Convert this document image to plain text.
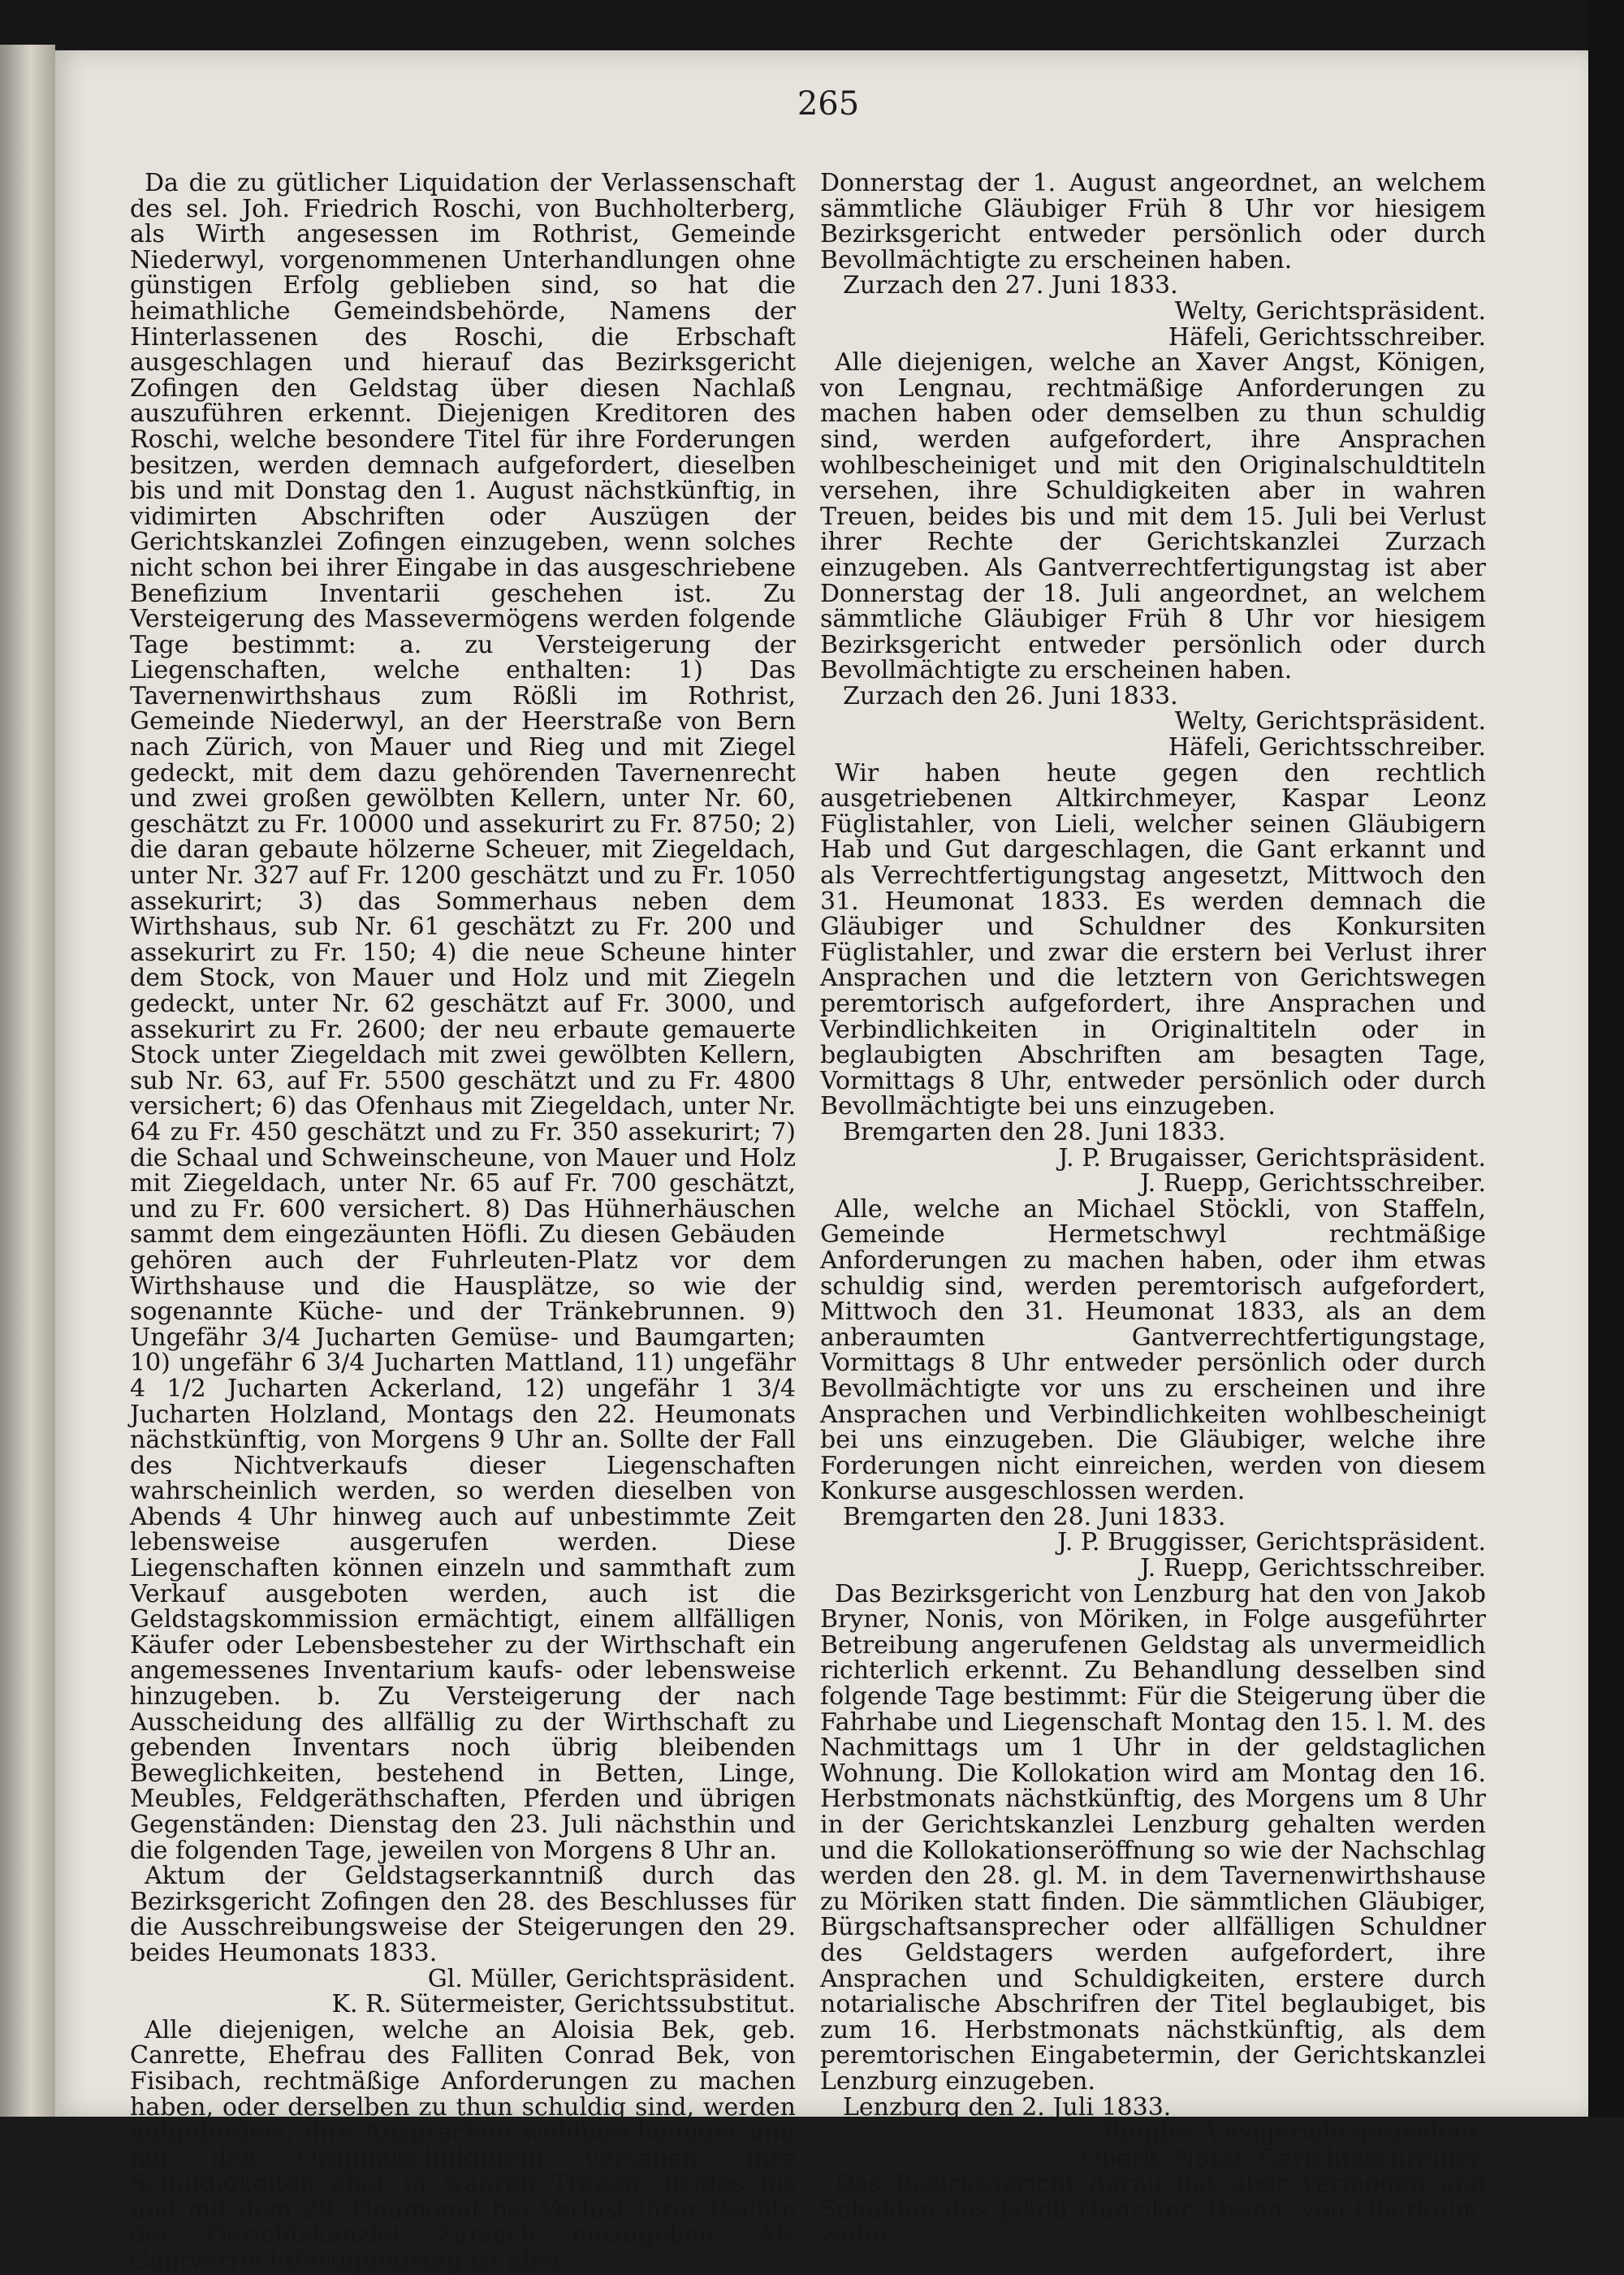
265

Da die zu gütlicher Liquidation der Verlassenschaft des sel. Joh. Friedrich Roschi, von Buchholterberg, als Wirth angesessen im Rothrist, Gemeinde Niederwyl, vorgenommenen Unterhandlungen ohne günstigen Erfolg geblieben sind, so hat die heimathliche Gemeindsbehörde, Namens der Hinterlassenen des Roschi, die Erbschaft ausgeschlagen und hierauf das Bezirksgericht Zofingen den Geldstag über diesen Nachlaß auszuführen erkennt. Diejenigen Kreditoren des Roschi, welche besondere Titel für ihre Forderungen besitzen, werden demnach aufgefordert, dieselben bis und mit Donstag den 1. August nächstkünftig, in vidimirten Abschriften oder Auszügen der Gerichtskanzlei Zofingen einzugeben, wenn solches nicht schon bei ihrer Eingabe in das ausgeschriebene Benefizium Inventarii geschehen ist. Zu Versteigerung des Massevermögens werden folgende Tage bestimmt: a. zu Versteigerung der Liegenschaften, welche enthalten: 1) Das Tavernenwirthshaus zum Rößli im Rothrist, Gemeinde Niederwyl, an der Heerstraße von Bern nach Zürich, von Mauer und Rieg und mit Ziegel gedeckt, mit dem dazu gehörenden Tavernenrecht und zwei großen gewölbten Kellern, unter Nr. 60, geschätzt zu Fr. 10000 und assekurirt zu Fr. 8750; 2) die daran gebaute hölzerne Scheuer, mit Ziegeldach, unter Nr. 327 auf Fr. 1200 geschätzt und zu Fr. 1050 assekurirt; 3) das Sommerhaus neben dem Wirthshaus, sub Nr. 61 geschätzt zu Fr. 200 und assekurirt zu Fr. 150; 4) die neue Scheune hinter dem Stock, von Mauer und Holz und mit Ziegeln gedeckt, unter Nr. 62 geschätzt auf Fr. 3000, und assekurirt zu Fr. 2600; der neu erbaute gemauerte Stock unter Ziegeldach mit zwei gewölbten Kellern, sub Nr. 63, auf Fr. 5500 geschätzt und zu Fr. 4800 versichert; 6) das Ofenhaus mit Ziegeldach, unter Nr. 64 zu Fr. 450 geschätzt und zu Fr. 350 assekurirt; 7) die Schaal und Schweinscheune, von Mauer und Holz mit Ziegeldach, unter Nr. 65 auf Fr. 700 geschätzt, und zu Fr. 600 versichert. 8) Das Hühnerhäuschen sammt dem eingezäunten Höfli. Zu diesen Gebäuden gehören auch der Fuhrleuten-Platz vor dem Wirthshause und die Hausplätze, so wie der sogenannte Küche- und der Tränkebrunnen. 9) Ungefähr 3/4 Jucharten Gemüse- und Baumgarten; 10) ungefähr 6 3/4 Jucharten Mattland, 11) ungefähr 4 1/2 Jucharten Ackerland, 12) ungefähr 1 3/4 Jucharten Holzland, Montags den 22. Heumonats nächstkünftig, von Morgens 9 Uhr an. Sollte der Fall des Nichtverkaufs dieser Liegenschaften wahrscheinlich werden, so werden dieselben von Abends 4 Uhr hinweg auch auf unbestimmte Zeit lebensweise ausgerufen werden. Diese Liegenschaften können einzeln und sammthaft zum Verkauf ausgeboten werden, auch ist die Geldstagskommission ermächtigt, einem allfälligen Käufer oder Lebensbesteher zu der Wirthschaft ein angemessenes Inventarium kaufs- oder lebensweise hinzugeben. b. Zu Versteigerung der nach Ausscheidung des allfällig zu der Wirthschaft zu gebenden Inventars noch übrig bleibenden Beweglichkeiten, bestehend in Betten, Linge, Meubles, Feldgeräthschaften, Pferden und übrigen Gegenständen: Dienstag den 23. Juli nächsthin und die folgenden Tage, jeweilen von Morgens 8 Uhr an.

Aktum der Geldstagserkanntniß durch das Bezirksgericht Zofingen den 28. des Beschlusses für die Ausschreibungsweise der Steigerungen den 29. beides Heumonats 1833.

Gl. Müller, Gerichtspräsident.

K. R. Sütermeister, Gerichtssubstitut.

Alle diejenigen, welche an Aloisia Bek, geb. Canrette, Ehefrau des Falliten Conrad Bek, von Fisibach, rechtmäßige Anforderungen zu machen haben, oder derselben zu thun schuldig sind, werden aufgefordert, ihre Ansprachen wohlbescheiniget und mit den Originalschuldtiteln versehen, ihre Schuldigkeiten aber in wahren Treuen, beides bis und mit dem 29. Heumonat bei Verlust ihrer Rechte der Gerichtskanzlei Zurzach einzugeben. Als Gantverrechtfertigungstag ist aber

Donnerstag der 1. August angeordnet, an welchem sämmtliche Gläubiger Früh 8 Uhr vor hiesigem Bezirksgericht entweder persönlich oder durch Bevollmächtigte zu erscheinen haben.

Zurzach den 27. Juni 1833.

Welty, Gerichtspräsident.

Häfeli, Gerichtsschreiber.

Alle diejenigen, welche an Xaver Angst, Königen, von Lengnau, rechtmäßige Anforderungen zu machen haben oder demselben zu thun schuldig sind, werden aufgefordert, ihre Ansprachen wohlbescheiniget und mit den Originalschuldtiteln versehen, ihre Schuldigkeiten aber in wahren Treuen, beides bis und mit dem 15. Juli bei Verlust ihrer Rechte der Gerichtskanzlei Zurzach einzugeben. Als Gantverrechtfertigungstag ist aber Donnerstag der 18. Juli angeordnet, an welchem sämmtliche Gläubiger Früh 8 Uhr vor hiesigem Bezirksgericht entweder persönlich oder durch Bevollmächtigte zu erscheinen haben.

Zurzach den 26. Juni 1833.

Welty, Gerichtspräsident.

Häfeli, Gerichtsschreiber.

Wir haben heute gegen den rechtlich ausgetriebenen Altkirchmeyer, Kaspar Leonz Füglistahler, von Lieli, welcher seinen Gläubigern Hab und Gut dargeschlagen, die Gant erkannt und als Verrechtfertigungstag angesetzt, Mittwoch den 31. Heumonat 1833. Es werden demnach die Gläubiger und Schuldner des Konkursiten Füglistahler, und zwar die erstern bei Verlust ihrer Ansprachen und die letztern von Gerichtswegen peremtorisch aufgefordert, ihre Ansprachen und Verbindlichkeiten in Originaltiteln oder in beglaubigten Abschriften am besagten Tage, Vormittags 8 Uhr, entweder persönlich oder durch Bevollmächtigte bei uns einzugeben.

Bremgarten den 28. Juni 1833.

J. P. Brugaisser, Gerichtspräsident.

J. Ruepp, Gerichtsschreiber.

Alle, welche an Michael Stöckli, von Staffeln, Gemeinde Hermetschwyl rechtmäßige Anforderungen zu machen haben, oder ihm etwas schuldig sind, werden peremtorisch aufgefordert, Mittwoch den 31. Heumonat 1833, als an dem anberaumten Gantverrechtfertigungstage, Vormittags 8 Uhr entweder persönlich oder durch Bevollmächtigte vor uns zu erscheinen und ihre Ansprachen und Verbindlichkeiten wohlbescheinigt bei uns einzugeben. Die Gläubiger, welche ihre Forderungen nicht einreichen, werden von diesem Konkurse ausgeschlossen werden.

Bremgarten den 28. Juni 1833.

J. P. Bruggisser, Gerichtspräsident.

J. Ruepp, Gerichtsschreiber.

Das Bezirksgericht von Lenzburg hat den von Jakob Bryner, Nonis, von Möriken, in Folge ausgeführter Betreibung angerufenen Geldstag als unvermeidlich richterlich erkennt. Zu Behandlung desselben sind folgende Tage bestimmt: Für die Steigerung über die Fahrhabe und Liegenschaft Montag den 15. l. M. des Nachmittags um 1 Uhr in der geldstaglichen Wohnung. Die Kollokation wird am Montag den 16. Herbstmonats nächstkünftig, des Morgens um 8 Uhr in der Gerichtskanzlei Lenzburg gehalten werden und die Kollokationseröffnung so wie der Nachschlag werden den 28. gl. M. in dem Tavernenwirthshause zu Möriken statt finden. Die sämmtlichen Gläubiger, Bürgschaftsansprecher oder allfälligen Schuldner des Geldstagers werden aufgefordert, ihre Ansprachen und Schuldigkeiten, erstere durch notarialische Abschrifren der Titel beglaubiget, bis zum 16. Herbstmonats nächstkünftig, als dem peremtorischen Eingabetermin, der Gerichtskanzlei Lenzburg einzugeben.

Lenzburg den 2. Juli 1833.

Ringler, Vicegerichtspräsident.

Oberli, Notar, Gerichtsschreiber.

Das Bezirksgericht Aarau hat über Vermögen und Schulden des Jakob Hunziker, Dysen, von Oberkulm, wohn-
